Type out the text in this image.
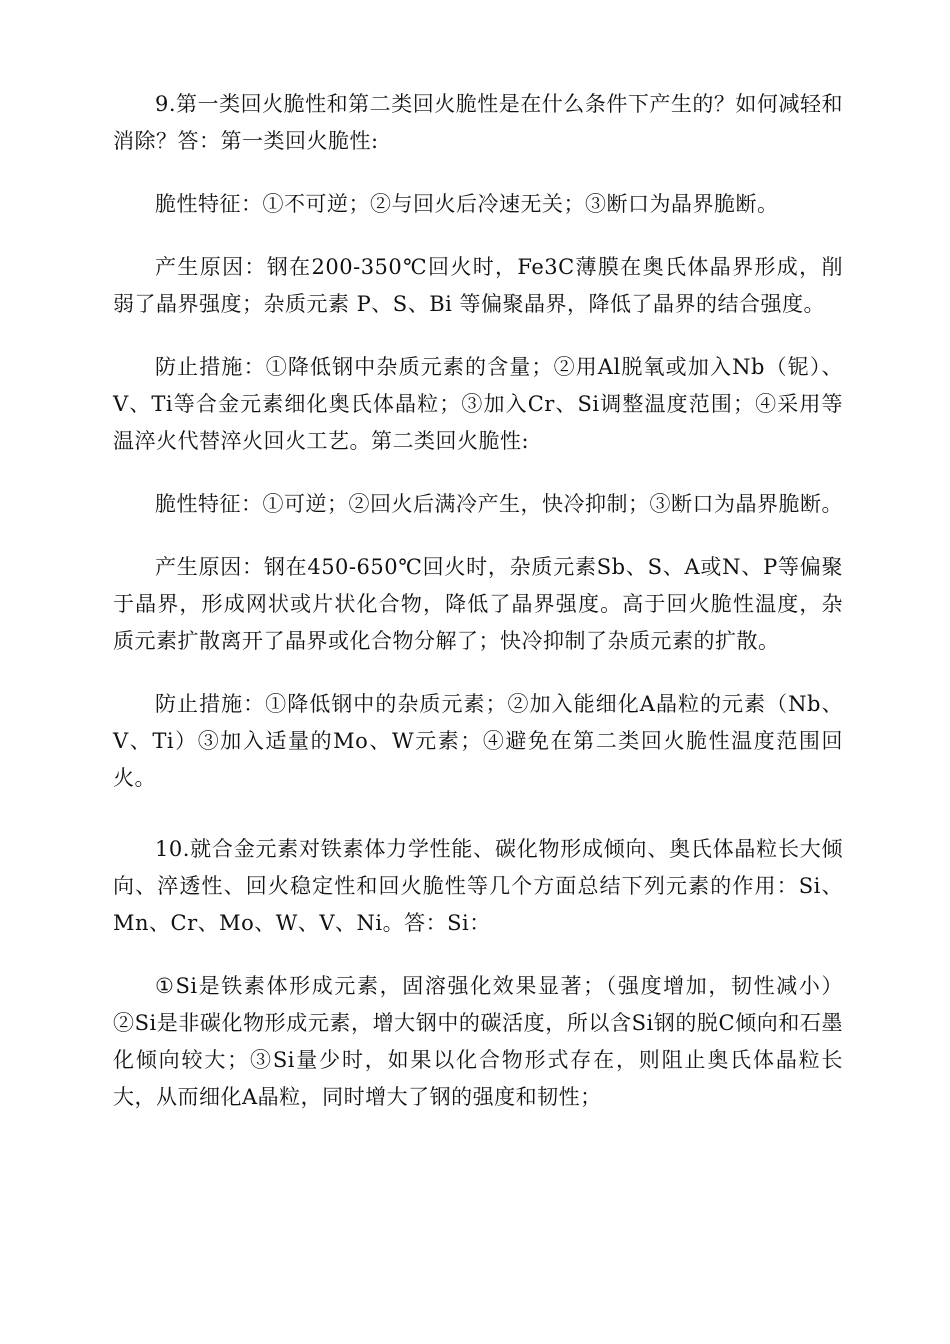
9.第一类回火脆性和第二类回火脆性是在什么条件下产生的？如何减轻和消除？答：第一类回火脆性:

脆性特征：①不可逆；②与回火后冷速无关；③断口为晶界脆断。

产生原因：钢在200-350℃回火时，Fe3C薄膜在奥氏体晶界形成，削弱了晶界强度；杂质元素 P、S、Bi 等偏聚晶界，降低了晶界的结合强度。

防止措施：①降低钢中杂质元素的含量；②用Al脱氧或加入Nb（铌）、V、Ti等合金元素细化奥氏体晶粒；③加入Cr、Si调整温度范围；④采用等温淬火代替淬火回火工艺。第二类回火脆性:

脆性特征：①可逆；②回火后满冷产生，快冷抑制；③断口为晶界脆断。

产生原因：钢在450-650℃回火时，杂质元素Sb、S、A或N、P等偏聚于晶界，形成网状或片状化合物，降低了晶界强度。高于回火脆性温度，杂质元素扩散离开了晶界或化合物分解了；快冷抑制了杂质元素的扩散。

防止措施：①降低钢中的杂质元素；②加入能细化A晶粒的元素（Nb、V、Ti）③加入适量的Mo、W元素；④避免在第二类回火脆性温度范围回火。

10.就合金元素对铁素体力学性能、碳化物形成倾向、奥氏体晶粒长大倾向、淬透性、回火稳定性和回火脆性等几个方面总结下列元素的作用：Si、Mn、Cr、Mo、W、V、Ni。答：Si：

①Si是铁素体形成元素，固溶强化效果显著；（强度增加，韧性减小）②Si是非碳化物形成元素，增大钢中的碳活度，所以含Si钢的脱C倾向和石墨化倾向较大；③Si量少时，如果以化合物形式存在，则阻止奥氏体晶粒长大，从而细化A晶粒，同时增大了钢的强度和韧性；
